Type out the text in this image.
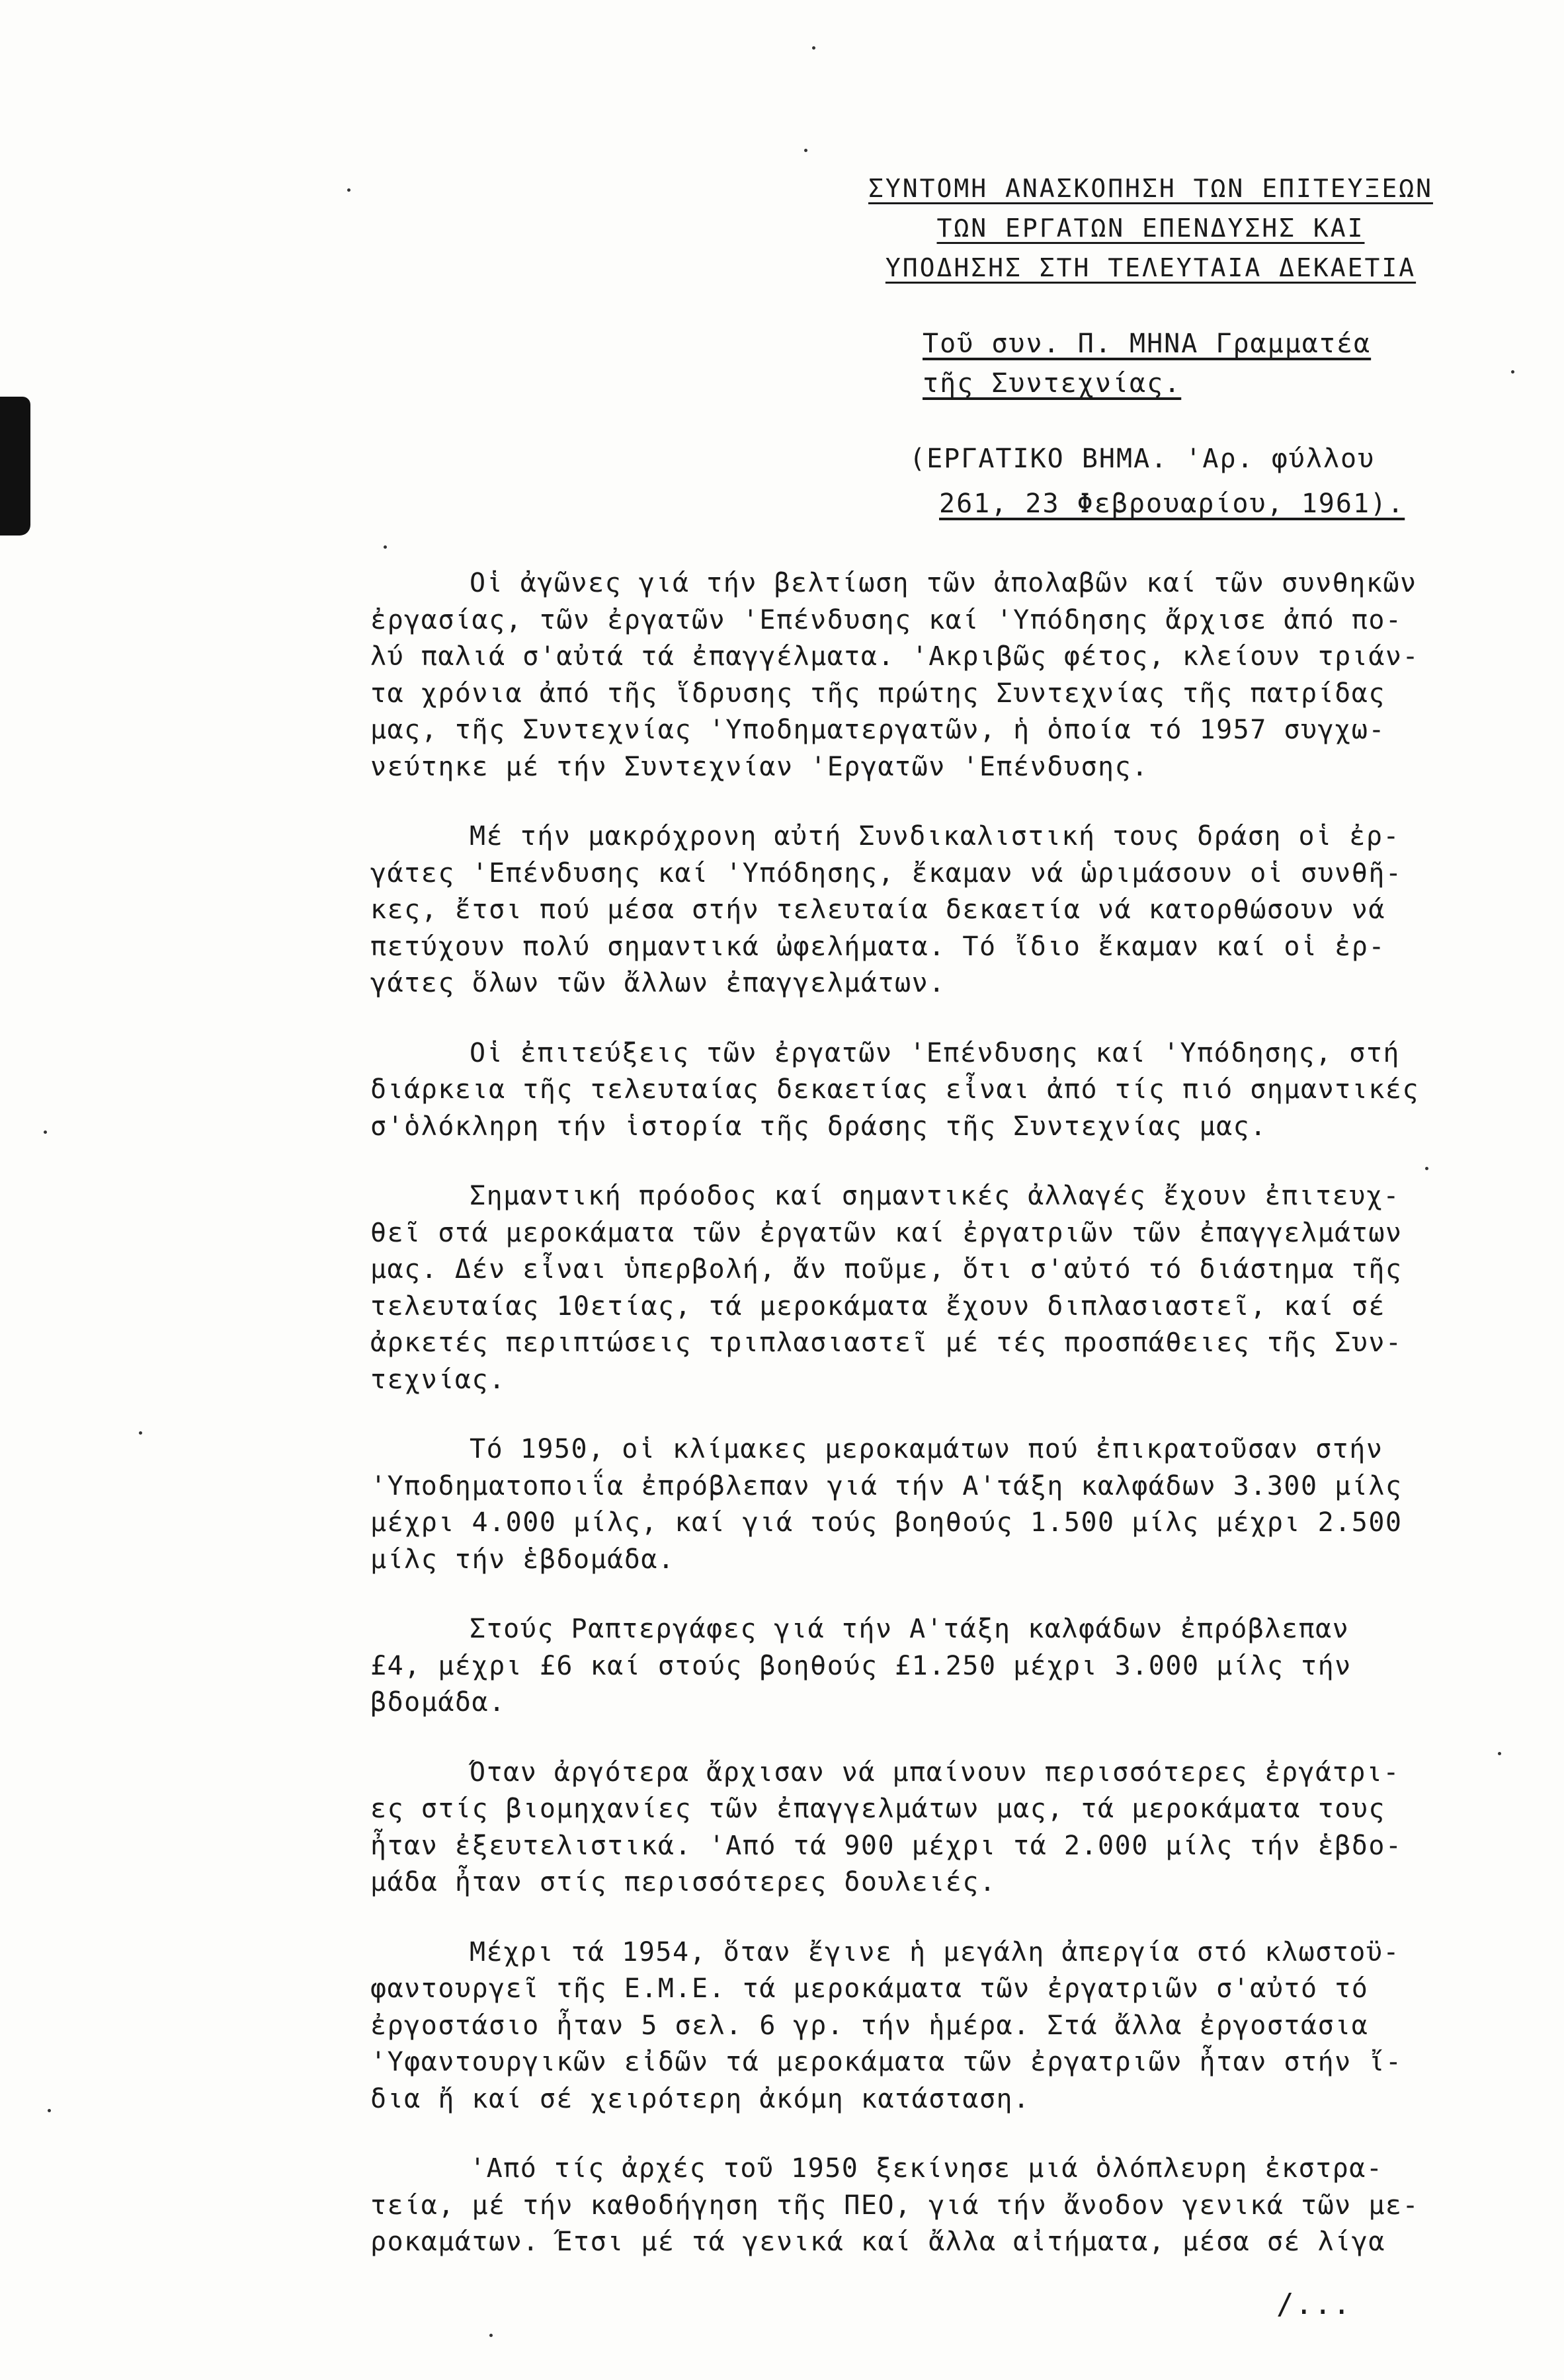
ΣΥΝΤΟΜΗ ΑΝΑΣΚΟΠΗΣΗ ΤΩΝ ΕΠΙΤΕΥΞΕΩΝ
ΤΩΝ ΕΡΓΑΤΩΝ ΕΠΕΝΔΥΣΗΣ ΚΑΙ
ΥΠΟΔΗΣΗΣ ΣΤΗ ΤΕΛΕΥΤΑΙΑ ΔΕΚΑΕΤΙΑ
Τοῦ συν. Π. ΜΗΝΑ Γραμματέα
τῆς Συντεχνίας.
(ΕΡΓΑΤΙΚΟ ΒΗΜΑ. 'Αρ. φύλλου
261, 23 Φεβρουαρίου, 1961).
Οἱ ἀγῶνες γιά τήν βελτίωση τῶν ἀπολαβῶν καί τῶν συνθηκῶν
ἐργασίας, τῶν ἐργατῶν 'Επένδυσης καί 'Υπόδησης ἄρχισε ἀπό πο-
λύ παλιά σ'αὐτά τά ἐπαγγέλματα. 'Ακριβῶς φέτος, κλείουν τριάν-
τα χρόνια ἀπό τῆς ἵδρυσης τῆς πρώτης Συντεχνίας τῆς πατρίδας
μας, τῆς Συντεχνίας 'Υποδηματεργατῶν, ἡ ὁποία τό 1957 συγχω-
νεύτηκε μέ τήν Συντεχνίαν 'Εργατῶν 'Επένδυσης.
Μέ τήν μακρόχρονη αὐτή Συνδικαλιστική τους δράση οἱ ἐρ-
γάτες 'Επένδυσης καί 'Υπόδησης, ἔκαμαν νά ὡριμάσουν οἱ συνθῆ-
κες, ἔτσι πού μέσα στήν τελευταία δεκαετία νά κατορθώσουν νά
πετύχουν πολύ σημαντικά ὠφελήματα. Τό ἴδιο ἔκαμαν καί οἱ ἐρ-
γάτες ὅλων τῶν ἄλλων ἐπαγγελμάτων.
Οἱ ἐπιτεύξεις τῶν ἐργατῶν 'Επένδυσης καί 'Υπόδησης, στή
διάρκεια τῆς τελευταίας δεκαετίας εἶναι ἀπό τίς πιό σημαντικές
σ'ὁλόκληρη τήν ἱστορία τῆς δράσης τῆς Συντεχνίας μας.
Σημαντική πρόοδος καί σημαντικές ἀλλαγές ἔχουν ἐπιτευχ-
θεῖ στά μεροκάματα τῶν ἐργατῶν καί ἐργατριῶν τῶν ἐπαγγελμάτων
μας. Δέν εἶναι ὑπερβολή, ἄν ποῦμε, ὅτι σ'αὐτό τό διάστημα τῆς
τελευταίας 10ετίας, τά μεροκάματα ἔχουν διπλασιαστεῖ, καί σέ
ἀρκετές περιπτώσεις τριπλασιαστεῖ μέ τές προσπάθειες τῆς Συν-
τεχνίας.
Τό 1950, οἱ κλίμακες μεροκαμάτων πού ἐπικρατοῦσαν στήν
'Υποδηματοποιΐα ἐπρόβλεπαν γιά τήν Α'τάξη καλφάδων 3.300 μίλς
μέχρι 4.000 μίλς, καί γιά τούς βοηθούς 1.500 μίλς μέχρι 2.500
μίλς τήν ἑβδομάδα.
Στούς Ραπτεργάφες γιά τήν Α'τάξη καλφάδων ἐπρόβλεπαν
£4, μέχρι £6 καί στούς βοηθούς £1.250 μέχρι 3.000 μίλς τήν
βδομάδα.
Όταν ἀργότερα ἄρχισαν νά μπαίνουν περισσότερες ἐργάτρι-
ες στίς βιομηχανίες τῶν ἐπαγγελμάτων μας, τά μεροκάματα τους
ἦταν ἐξευτελιστικά. 'Από τά 900 μέχρι τά 2.000 μίλς τήν ἑβδο-
μάδα ἦταν στίς περισσότερες δουλειές.
Μέχρι τά 1954, ὅταν ἔγινε ἡ μεγάλη ἀπεργία στό κλωστοϋ-
φαντουργεῖ τῆς Ε.Μ.Ε. τά μεροκάματα τῶν ἐργατριῶν σ'αὐτό τό
ἐργοστάσιο ἦταν 5 σελ. 6 γρ. τήν ἡμέρα. Στά ἄλλα ἐργοστάσια
'Υφαντουργικῶν εἰδῶν τά μεροκάματα τῶν ἐργατριῶν ἦταν στήν ἴ-
δια ἤ καί σέ χειρότερη ἀκόμη κατάσταση.
'Από τίς ἀρχές τοῦ 1950 ξεκίνησε μιά ὁλόπλευρη ἐκστρα-
τεία, μέ τήν καθοδήγηση τῆς ΠΕΟ, γιά τήν ἄνοδον γενικά τῶν με-
ροκαμάτων. Έτσι μέ τά γενικά καί ἄλλα αἰτήματα, μέσα σέ λίγα
/...
